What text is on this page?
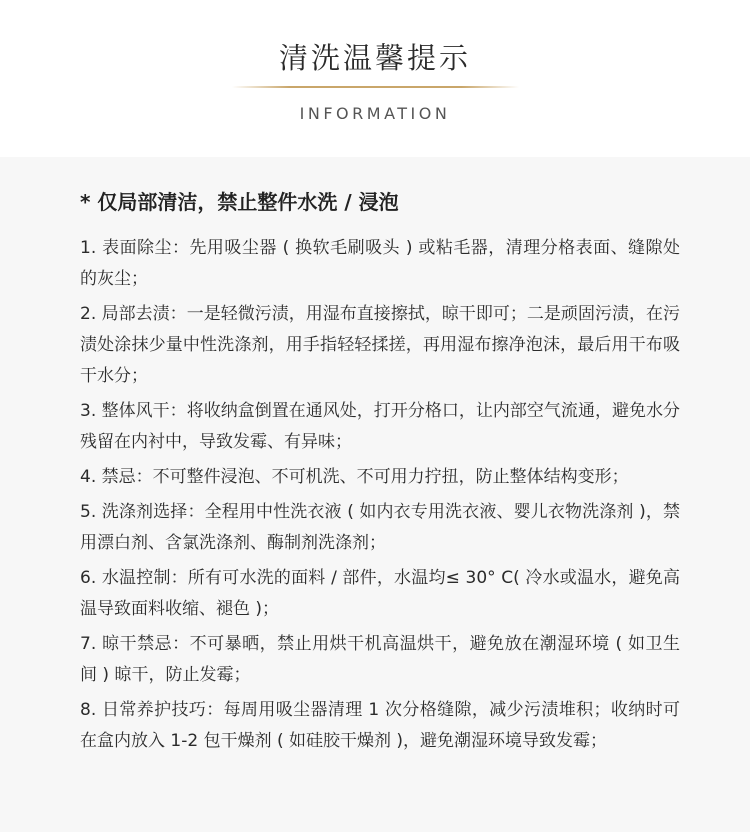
清洗温馨提示
INFORMATION

* 仅局部清洁，禁止整件水洗 / 浸泡

1. 表面除尘：先用吸尘器 ( 换软毛刷吸头 ) 或粘毛器，清理分格表面、缝隙处的灰尘；
2. 局部去渍：一是轻微污渍，用湿布直接擦拭，晾干即可；二是顽固污渍，在污渍处涂抹少量中性洗涤剂，用手指轻轻揉搓，再用湿布擦净泡沫，最后用干布吸干水分；
3. 整体风干：将收纳盒倒置在通风处，打开分格口，让内部空气流通，避免水分残留在内衬中，导致发霉、有异味；
4. 禁忌：不可整件浸泡、不可机洗、不可用力拧扭，防止整体结构变形；
5. 洗涤剂选择：全程用中性洗衣液 ( 如内衣专用洗衣液、婴儿衣物洗涤剂 )，禁用漂白剂、含氯洗涤剂、酶制剂洗涤剂；
6. 水温控制：所有可水洗的面料 / 部件，水温均≤ 30° C( 冷水或温水，避免高温导致面料收缩、褪色 )；
7. 晾干禁忌：不可暴晒，禁止用烘干机高温烘干，避免放在潮湿环境 ( 如卫生间 ) 晾干，防止发霉；
8. 日常养护技巧：每周用吸尘器清理 1 次分格缝隙，减少污渍堆积；收纳时可在盒内放入 1-2 包干燥剂 ( 如硅胶干燥剂 )，避免潮湿环境导致发霉；
